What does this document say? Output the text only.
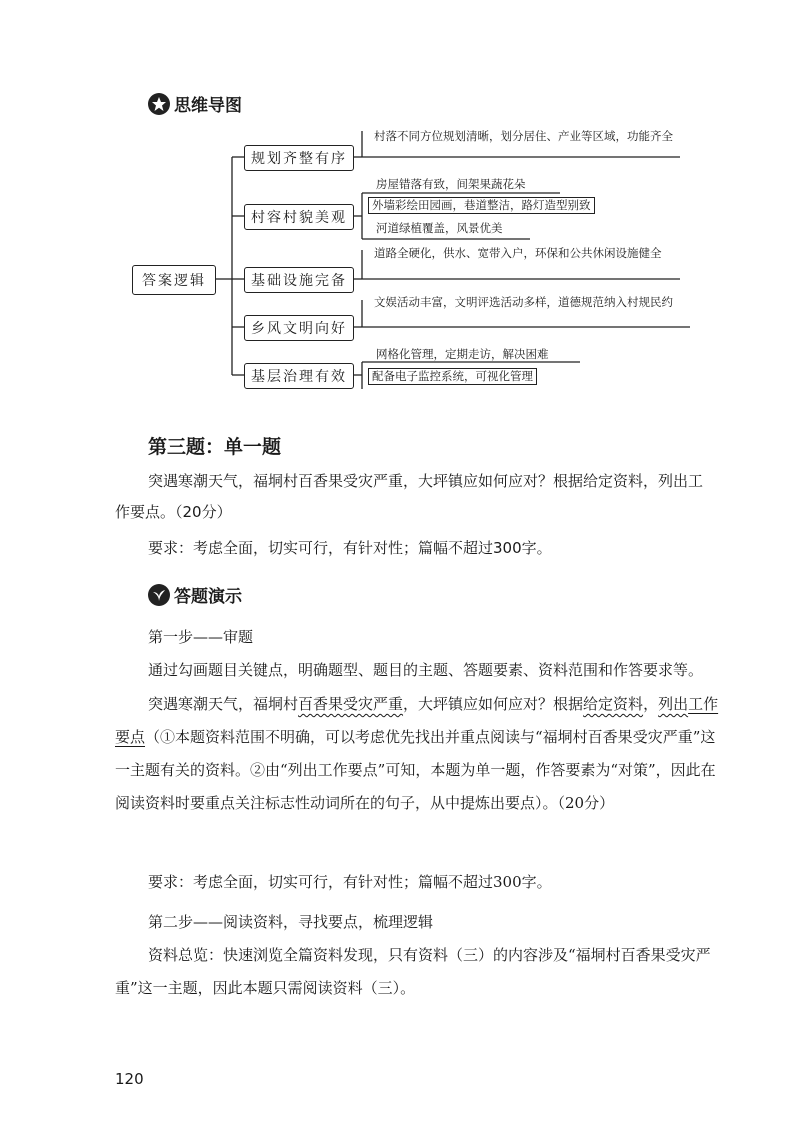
思维导图
答案逻辑
规划齐整有序
村容村貌美观
基础设施完备
乡风文明向好
基层治理有效
村落不同方位规划清晰，划分居住、产业等区域，功能齐全
房屋错落有致，间架果蔬花朵
外墙彩绘田园画，巷道整洁，路灯造型别致
河道绿植覆盖，风景优美
道路全硬化，供水、宽带入户，环保和公共休闲设施健全
文娱活动丰富，文明评选活动多样，道德规范纳入村规民约
网格化管理，定期走访，解决困难
配备电子监控系统，可视化管理
第三题：单一题
突遇寒潮天气，福垌村百香果受灾严重，大坪镇应如何应对？根据给定资料，列出工作要点。（20分）
要求：考虑全面，切实可行，有针对性；篇幅不超过300字。
答题演示
第一步——审题
通过勾画题目关键点，明确题型、题目的主题、答题要素、资料范围和作答要求等。
突遇寒潮天气，福垌村百香果受灾严重，大坪镇应如何应对？根据给定资料，列出工作要点（①本题资料范围不明确，可以考虑优先找出并重点阅读与“福垌村百香果受灾严重”这一主题有关的资料。②由“列出工作要点”可知，本题为单一题，作答要素为“对策”，因此在阅读资料时要重点关注标志性动词所在的句子，从中提炼出要点）。（20分）
要求：考虑全面，切实可行，有针对性；篇幅不超过300字。
第二步——阅读资料，寻找要点，梳理逻辑
资料总览：快速浏览全篇资料发现，只有资料（三）的内容涉及“福垌村百香果受灾严重”这一主题，因此本题只需阅读资料（三）。
120
